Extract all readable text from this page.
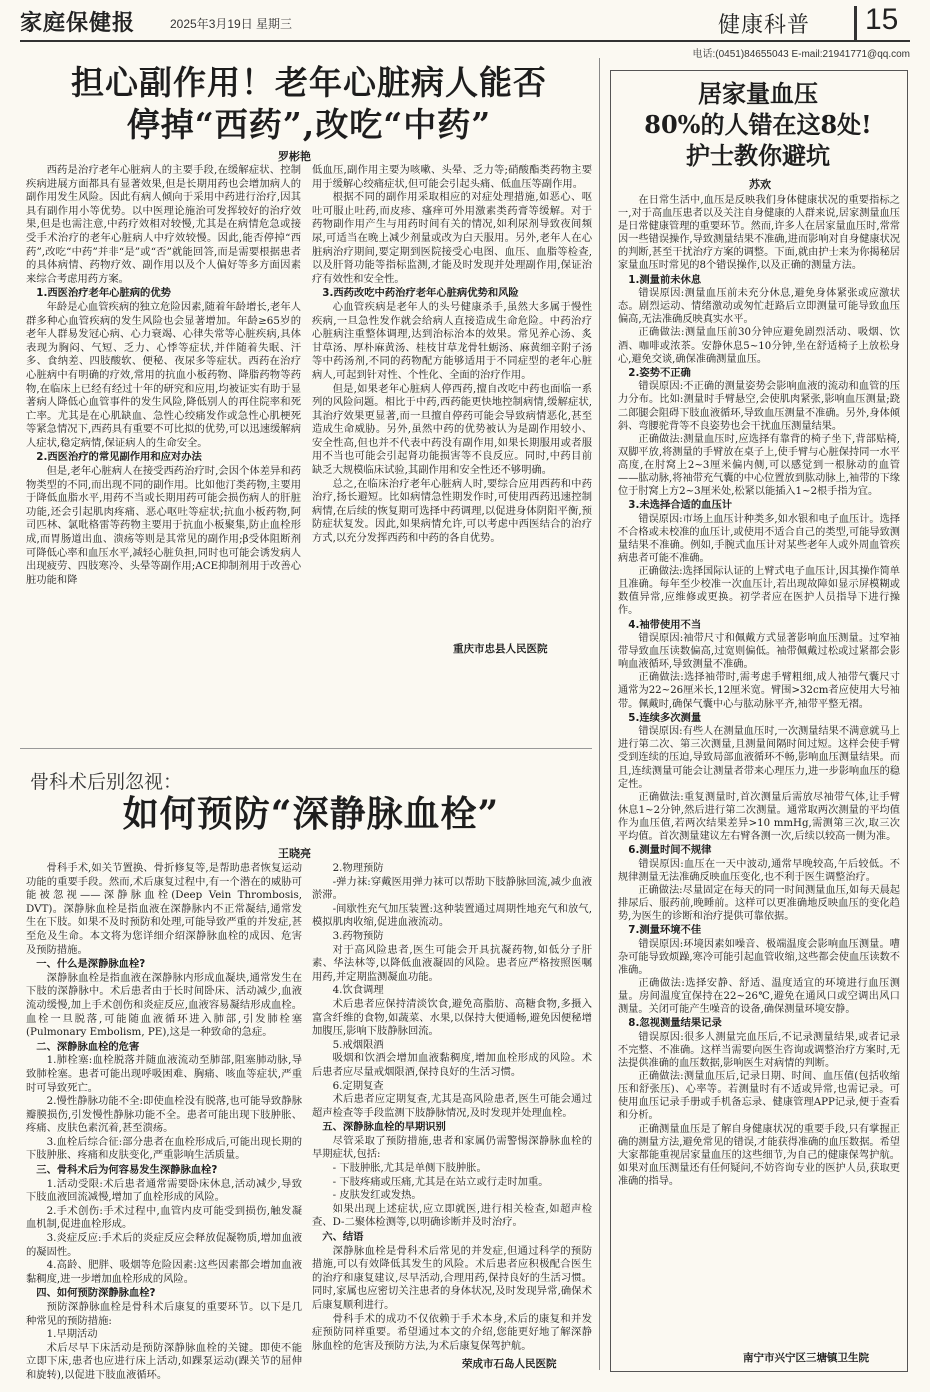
家庭保健报	2025年3月19日 星期三	健康科普 15
电话:(0451)84655043 E-mail:21941771@qq.com
担心副作用！老年心脏病人能否
停掉“西药”,改吃“中药”
罗彬艳

西药是治疗老年心脏病人的主要手段,在缓解症状、控制疾病进展方面都具有显著效果,但是长期用药也会增加病人的副作用发生风险。因此有病人倾向于采用中药进行治疗,因其具有副作用小等优势。以中医理论施治可发挥较好的治疗效果,但是也需注意,中药疗效相对较慢,尤其是在病情危急或接受手术治疗的老年心脏病人中疗效较慢。因此,能否停掉“西药”,改吃“中药”并非“是”或“否”就能回答,而是需要根据患者的具体病情、药物疗效、副作用以及个人偏好等多方面因素来综合考虑用药方案。

1.西医治疗老年心脏病的优势

年龄是心血管疾病的独立危险因素,随着年龄增长,老年人群多种心血管疾病的发生风险也会显著增加。年龄≥65岁的老年人群易发冠心病、心力衰竭、心律失常等心脏疾病,具体表现为胸闷、气短、乏力、心悸等症状,并伴随着失眠、汗多、食纳差、四肢酸软、便秘、夜尿多等症状。西药在治疗心脏病中有明确的疗效,常用的抗血小板药物、降脂药物等药物,在临床上已经有经过十年的研究和应用,均被证实有助于显著病人降低心血管事件的发生风险,降低别人的再住院率和死亡率。尤其是在心肌缺血、急性心绞痛发作或急性心肌梗死等紧急情况下,西药具有重要不可比拟的优势,可以迅速缓解病人症状,稳定病情,保证病人的生命安全。

2.西医治疗的常见副作用和应对办法

但是,老年心脏病人在接受西药治疗时,会因个体差异和药物类型的不同,而出现不同的副作用。比如他汀类药物,主要用于降低血脂水平,用药不当或长期用药可能会损伤病人的肝脏功能,还会引起肌肉疼痛、恶心呕吐等症状;抗血小板药物,阿司匹林、氯吡格雷等药物主要用于抗血小板聚集,防止血栓形成,而胃肠道出血、溃疡等则是其常见的副作用;β受体阻断剂可降低心率和血压水平,减轻心脏负担,同时也可能会诱发病人出现疲劳、四肢寒冷、头晕等副作用;ACE抑制剂用于改善心脏功能和降

低血压,副作用主要为咳嗽、头晕、乏力等;硝酸酯类药物主要用于缓解心绞痛症状,但可能会引起头痛、低血压等副作用。

根据不同的副作用采取相应的对症处理措施,如恶心、呕吐可服止吐药,而皮疹、瘙痒可外用激素类药膏等缓解。对于药物副作用产生与用药时间有关的情况,如利尿剂导致夜间频尿,可适当在晚上减少剂量或改为白天服用。另外,老年人在心脏病治疗期间,要定期到医院接受心电图、血压、血脂等检查,以及肝肾功能等指标监测,才能及时发现并处理副作用,保证治疗有效性和安全性。

3.西药改吃中药治疗老年心脏病优势和风险

心血管疾病是老年人的头号健康杀手,虽然大多属于慢性疾病,一旦急性发作就会给病人直接造成生命危险。中药治疗心脏病注重整体调理,达到治标治本的效果。常见养心汤、炙甘草汤、厚朴麻黄汤、桂枝甘草龙骨牡蛎汤、麻黄细辛附子汤等中药汤剂,不同的药物配方能够适用于不同症型的老年心脏病人,可起到针对性、个性化、全面的治疗作用。

但是,如果老年心脏病人停西药,擅自改吃中药也面临一系列的风险问题。相比于中药,西药能更快地控制病情,缓解症状,其治疗效果更显著,而一旦擅自停药可能会导致病情恶化,甚至造成生命威胁。另外,虽然中药的优势被认为是副作用较小、安全性高,但也并不代表中药没有副作用,如果长期服用或者服用不当也可能会引起肾功能损害等不良反应。同时,中药目前缺乏大规模临床试验,其副作用和安全性还不够明确。

总之,在临床治疗老年心脏病人时,要综合应用西药和中药治疗,扬长避短。比如病情急性期发作时,可使用西药迅速控制病情,在后续的恢复期可选择中药调理,以促进身体阴阳平衡,预防症状复发。因此,如果病情允许,可以考虑中西医结合的治疗方式,以充分发挥西药和中药的各自优势。

重庆市忠县人民医院
骨科术后别忽视：
如何预防“深静脉血栓”
王晓亮

骨科手术,如关节置换、骨折修复等,是帮助患者恢复运动功能的重要手段。然而,术后康复过程中,有一个潜在的威胁可能被忽视——深静脉血栓(Deep Vein Thrombosis, DVT)。深静脉血栓是指血液在深静脉内不正常凝结,通常发生在下肢。如果不及时预防和处理,可能导致严重的并发症,甚至危及生命。本文将为您详细介绍深静脉血栓的成因、危害及预防措施。

一、什么是深静脉血栓?

深静脉血栓是指血液在深静脉内形成血凝块,通常发生在下肢的深静脉中。术后患者由于长时间卧床、活动减少,血液流动缓慢,加上手术创伤和炎症反应,血液容易凝结形成血栓。血栓一旦脱落,可能随血液循环进入肺部,引发肺栓塞(Pulmonary Embolism, PE),这是一种致命的急症。

二、深静脉血栓的危害

1.肺栓塞:血栓脱落并随血液流动至肺部,阻塞肺动脉,导致肺栓塞。患者可能出现呼吸困难、胸痛、咳血等症状,严重时可导致死亡。

2.慢性静脉功能不全:即使血栓没有脱落,也可能导致静脉瓣膜损伤,引发慢性静脉功能不全。患者可能出现下肢肿胀、疼痛、皮肤色素沉着,甚至溃疡。

3.血栓后综合征:部分患者在血栓形成后,可能出现长期的下肢肿胀、疼痛和皮肤变化,严重影响生活质量。

三、骨科术后为何容易发生深静脉血栓?

1.活动受限:术后患者通常需要卧床休息,活动减少,导致下肢血液回流减慢,增加了血栓形成的风险。

2.手术创伤:手术过程中,血管内皮可能受到损伤,触发凝血机制,促进血栓形成。

3.炎症反应:手术后的炎症反应会释放促凝物质,增加血液的凝固性。

4.高龄、肥胖、吸烟等危险因素:这些因素都会增加血液黏稠度,进一步增加血栓形成的风险。

四、如何预防深静脉血栓?

预防深静脉血栓是骨科术后康复的重要环节。以下是几种常见的预防措施:

1.早期活动

术后尽早下床活动是预防深静脉血栓的关键。即使不能立即下床,患者也应进行床上活动,如踝泵运动(踝关节的屈伸和旋转),以促进下肢血液循环。

2.物理预防

-弹力袜:穿戴医用弹力袜可以帮助下肢静脉回流,减少血液淤滞。

-间歇性充气加压装置:这种装置通过周期性地充气和放气,模拟肌肉收缩,促进血液流动。

3.药物预防

对于高风险患者,医生可能会开具抗凝药物,如低分子肝素、华法林等,以降低血液凝固的风险。患者应严格按照医嘱用药,并定期监测凝血功能。

4.饮食调理

术后患者应保持清淡饮食,避免高脂肪、高糖食物,多摄入富含纤维的食物,如蔬菜、水果,以保持大便通畅,避免因便秘增加腹压,影响下肢静脉回流。

5.戒烟限酒

吸烟和饮酒会增加血液黏稠度,增加血栓形成的风险。术后患者应尽量戒烟限酒,保持良好的生活习惯。

6.定期复查

术后患者应定期复查,尤其是高风险患者,医生可能会通过超声检查等手段监测下肢静脉情况,及时发现并处理血栓。

五、深静脉血栓的早期识别

尽管采取了预防措施,患者和家属仍需警惕深静脉血栓的早期症状,包括:

- 下肢肿胀,尤其是单侧下肢肿胀。

- 下肢疼痛或压痛,尤其是在站立或行走时加重。

- 皮肤发红或发热。

如果出现上述症状,应立即就医,进行相关检查,如超声检查、D-二聚体检测等,以明确诊断并及时治疗。

六、结语

深静脉血栓是骨科术后常见的并发症,但通过科学的预防措施,可以有效降低其发生的风险。术后患者应积极配合医生的治疗和康复建议,尽早活动,合理用药,保持良好的生活习惯。同时,家属也应密切关注患者的身体状况,及时发现异常,确保术后康复顺利进行。

骨科手术的成功不仅依赖于手术本身,术后的康复和并发症预防同样重要。希望通过本文的介绍,您能更好地了解深静脉血栓的危害及预防方法,为术后康复保驾护航。

荣成市石岛人民医院
居家量血压
80%的人错在这8处!
护士教你避坑
苏欢

在日常生活中,血压是反映我们身体健康状况的重要指标之一,对于高血压患者以及关注自身健康的人群来说,居家测量血压是日常健康管理的重要环节。然而,许多人在居家量血压时,常常因一些错误操作,导致测量结果不准确,进而影响对自身健康状况的判断,甚至干扰治疗方案的调整。下面,就由护士来为你揭秘居家量血压时常见的8个错误操作,以及正确的测量方法。

1.测量前未休息

错误原因:测量血压前未充分休息,避免身体紧张或应激状态。剧烈运动、情绪激动或匆忙赶路后立即测量可能导致血压偏高,无法准确反映真实水平。

正确做法:测量血压前30分钟应避免剧烈活动、吸烟、饮酒、咖啡或浓茶。安静休息5~10分钟,坐在舒适椅子上放松身心,避免交谈,确保准确测量血压。

2.姿势不正确

错误原因:不正确的测量姿势会影响血液的流动和血管的压力分布。比如:测量时手臂悬空,会使肌肉紧张,影响血压测量;跷二郎腿会阻碍下肢血液循环,导致血压测量不准确。另外,身体倾斜、弯腰驼背等不良姿势也会干扰血压测量结果。

正确做法:测量血压时,应选择有靠背的椅子坐下,背部贴椅,双脚平放,将测量的手臂放在桌子上,使手臂与心脏保持同一水平高度,在肘窝上2~3厘米偏内侧,可以感觉到一根脉动的血管——肱动脉,将袖带充气囊的中心位置放到肱动脉上,袖带的下缘位于肘窝上方2~3厘米处,松紧以能插入1~2根手指为宜。

3.未选择合适的血压计

错误原因:市场上血压计种类多,如水银和电子血压计。选择不合格或未校准的血压计,或使用不适合自己的类型,可能导致测量结果不准确。例如,手腕式血压计对某些老年人或外周血管疾病患者可能不准确。

正确做法:选择国际认证的上臂式电子血压计,因其操作简单且准确。每年至少校准一次血压计,若出现故障如显示屏模糊或数值异常,应维修或更换。初学者应在医护人员指导下进行操作。

4.袖带使用不当

错误原因:袖带尺寸和佩戴方式显著影响血压测量。过窄袖带导致血压读数偏高,过宽则偏低。袖带佩戴过松或过紧都会影响血液循环,导致测量不准确。

正确做法:选择袖带时,需考虑手臂粗细,成人袖带气囊尺寸通常为22~26厘米长,12厘米宽。臂围>32cm者应使用大号袖带。佩戴时,确保气囊中心与肱动脉平齐,袖带平整无褶。

5.连续多次测量

错误原因:有些人在测量血压时,一次测量结果不满意就马上进行第二次、第三次测量,且测量间隔时间过短。这样会使手臂受到连续的压迫,导致局部血液循环不畅,影响血压测量结果。而且,连续测量可能会让测量者带来心理压力,进一步影响血压的稳定性。

正确做法:重复测量时,首次测量后需放尽袖带气体,让手臂休息1~2分钟,然后进行第二次测量。通常取两次测量的平均值作为血压值,若两次结果差异>10 mmHg,需测第三次,取三次平均值。首次测量建议左右臂各测一次,后续以较高一侧为准。

6.测量时间不规律

错误原因:血压在一天中波动,通常早晚较高,午后较低。不规律测量无法准确反映血压变化,也不利于医生调整治疗。

正确做法:尽量固定在每天的同一时间测量血压,如每天晨起排尿后、服药前,晚睡前。这样可以更准确地反映血压的变化趋势,为医生的诊断和治疗提供可靠依据。

7.测量环境不佳

错误原因:环境因素如噪音、极端温度会影响血压测量。嘈杂可能导致烦躁,寒冷可能引起血管收缩,这些都会使血压读数不准确。

正确做法:选择安静、舒适、温度适宜的环境进行血压测量。房间温度宜保持在22~26℃,避免在通风口或空调出风口测量。关闭可能产生噪音的设备,确保测量环境安静。

8.忽视测量结果记录

错误原因:很多人测量完血压后,不记录测量结果,或者记录不完整、不准确。这样当需要向医生咨询或调整治疗方案时,无法提供准确的血压数据,影响医生对病情的判断。

正确做法:测量血压后,记录日期、时间、血压值(包括收缩压和舒张压)、心率等。若测量时有不适或异常,也需记录。可使用血压记录手册或手机备忘录、健康管理APP记录,便于查看和分析。

正确测量血压是了解自身健康状况的重要手段,只有掌握正确的测量方法,避免常见的错误,才能获得准确的血压数据。希望大家都能重视居家量血压的这些细节,为自己的健康保驾护航。如果对血压测量还有任何疑问,不妨咨询专业的医护人员,获取更准确的指导。

南宁市兴宁区三塘镇卫生院
